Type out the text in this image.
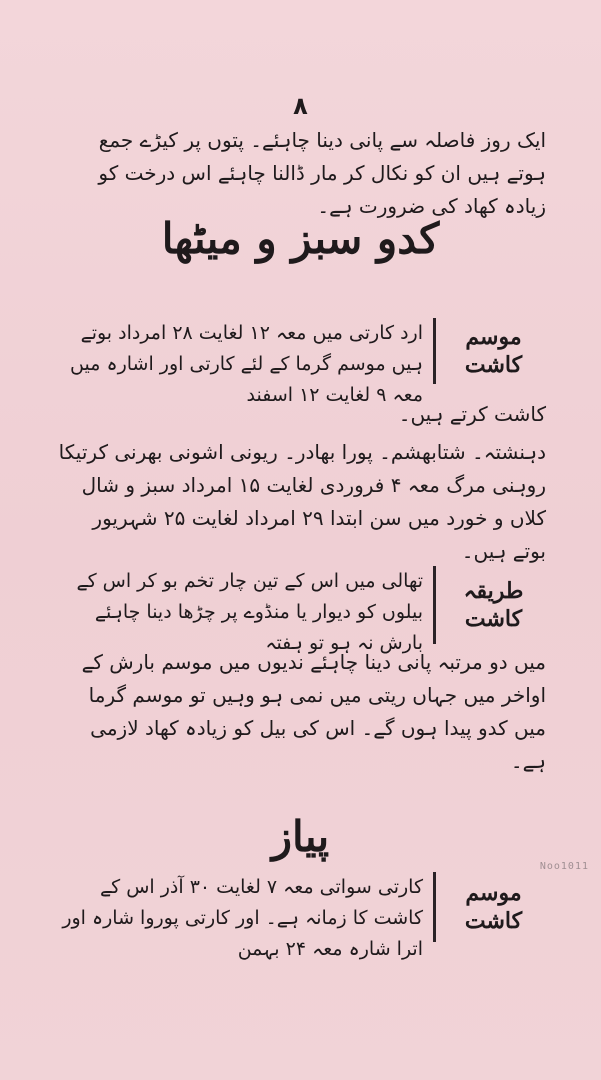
۸
ایک روز فاصلہ سے پانی دینا چاہئے۔ پتوں پر کیڑے جمع ہوتے ہیں ان کو نکال کر مار ڈالنا چاہئے اس درخت کو زیادہ کھاد کی ضرورت ہے۔
کدو سبز و میٹھا
موسم کاشت
ارد کارتی میں معہ ۱۲ لغایت ۲۸ امرداد بوتے ہیں موسم گرما کے لئے کارتی اور اشارہ میں معہ ۹ لغایت ۱۲ اسفند
کاشت کرتے ہیں۔
دہنشتہ۔ شتابھشم۔ پورا بھادر۔ ریونی اشونی بھرنی کرتیکا روہنی مرگ معہ ۴ فروردی لغایت ۱۵ امرداد سبز و شال کلاں و خورد میں سن ابتدا ۲۹ امرداد لغایت ۲۵ شہریور بوتے ہیں۔
طریقہ کاشت
تھالی میں اس کے تین چار تخم بو کر اس کے بیلوں کو دیوار یا منڈوے پر چڑھا دینا چاہئے بارش نہ ہو تو ہفتہ
میں دو مرتبہ پانی دینا چاہئے ندیوں میں موسم بارش کے اواخر میں جہاں ریتی میں نمی ہو وہیں تو موسم گرما میں کدو پیدا ہوں گے۔ اس کی بیل کو زیادہ کھاد لازمی ہے۔
پیاز
موسم کاشت
کارتی سواتی معہ ۷ لغایت ۳۰ آذر اس کے کاشت کا زمانہ ہے۔ اور کارتی پوروا شارہ اور اترا شارہ معہ ۲۴ بہمن
Noo1011
